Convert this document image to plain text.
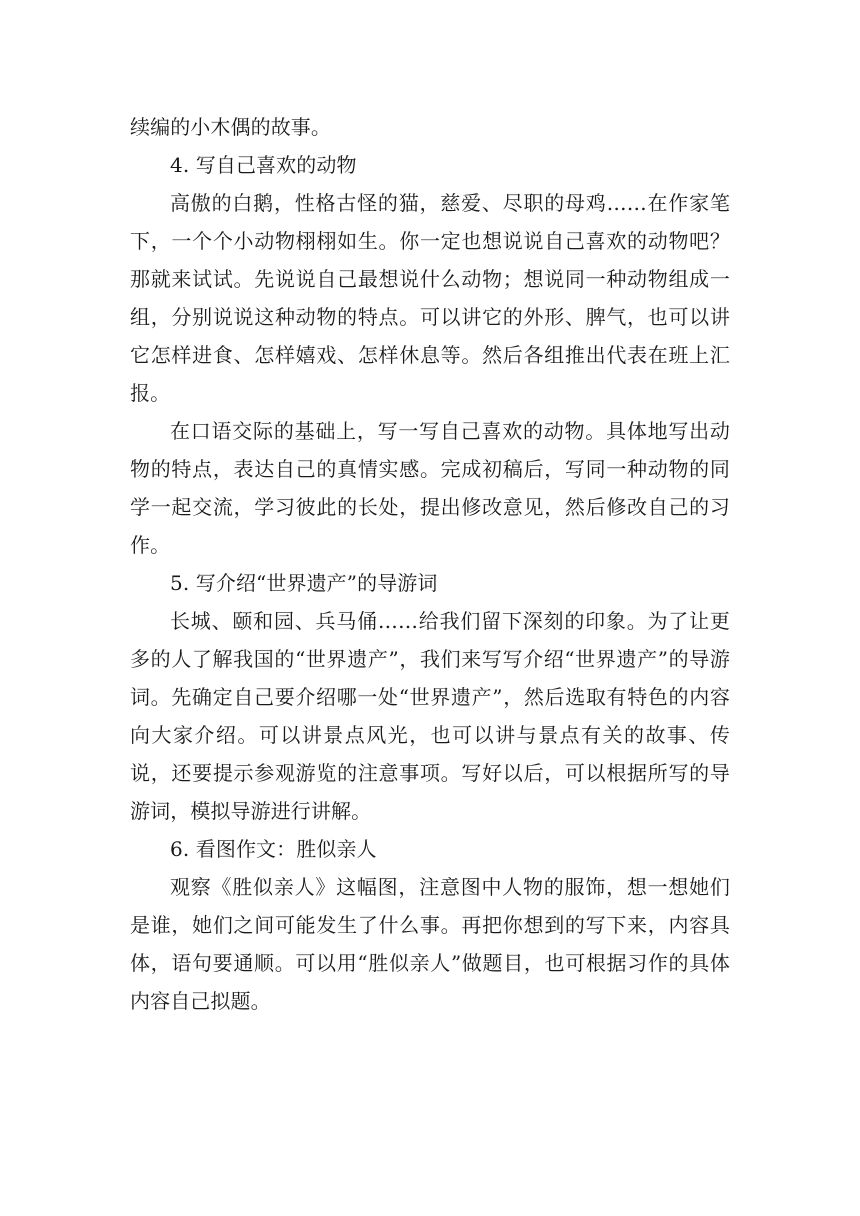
续编的小木偶的故事。

4. 写自己喜欢的动物

高傲的白鹅，性格古怪的猫，慈爱、尽职的母鸡……在作家笔下，一个个小动物栩栩如生。你一定也想说说自己喜欢的动物吧？那就来试试。先说说自己最想说什么动物；想说同一种动物组成一组，分别说说这种动物的特点。可以讲它的外形、脾气，也可以讲它怎样进食、怎样嬉戏、怎样休息等。然后各组推出代表在班上汇报。

在口语交际的基础上，写一写自己喜欢的动物。具体地写出动物的特点，表达自己的真情实感。完成初稿后，写同一种动物的同学一起交流，学习彼此的长处，提出修改意见，然后修改自己的习作。

5. 写介绍“世界遗产”的导游词

长城、颐和园、兵马俑……给我们留下深刻的印象。为了让更多的人了解我国的“世界遗产”，我们来写写介绍“世界遗产”的导游词。先确定自己要介绍哪一处“世界遗产”，然后选取有特色的内容向大家介绍。可以讲景点风光，也可以讲与景点有关的故事、传说，还要提示参观游览的注意事项。写好以后，可以根据所写的导游词，模拟导游进行讲解。

6. 看图作文：胜似亲人

观察《胜似亲人》这幅图，注意图中人物的服饰，想一想她们是谁，她们之间可能发生了什么事。再把你想到的写下来，内容具体，语句要通顺。可以用“胜似亲人”做题目，也可根据习作的具体内容自己拟题。
